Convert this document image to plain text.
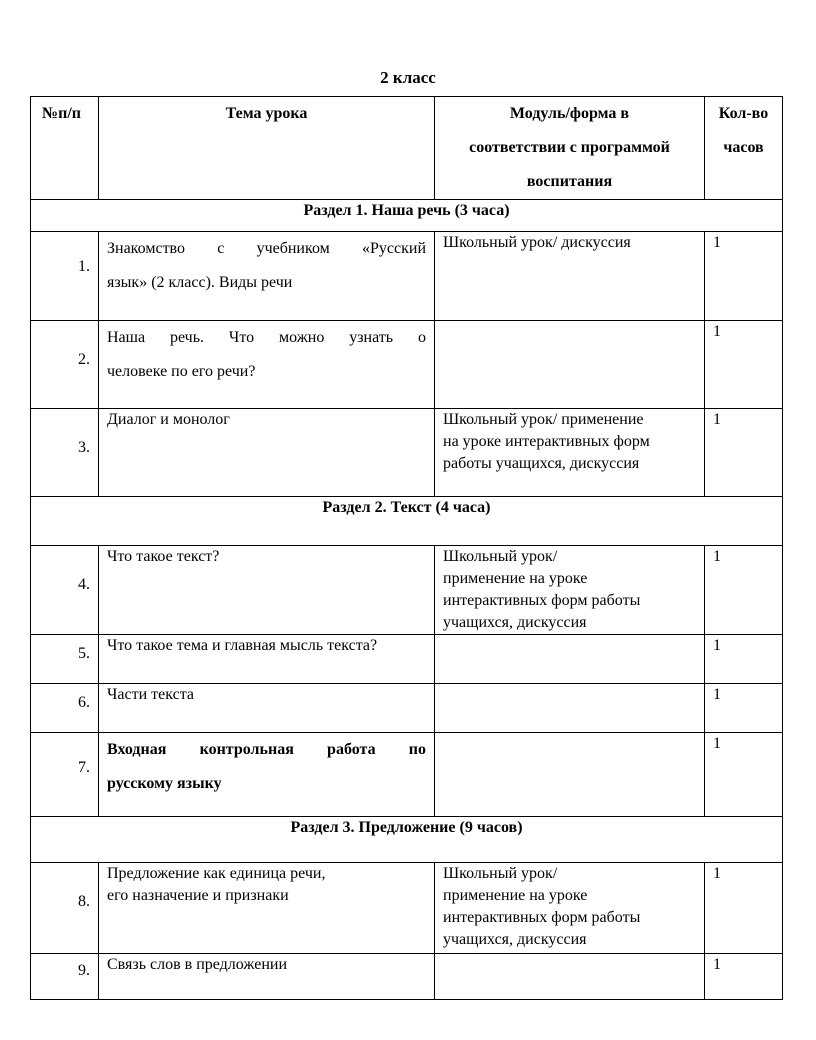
2 класс
№п/п	Тема урока	Модуль/форма в
соответствии с программой
воспитания	Кол-во
часов

Раздел 1. Наша речь (3 часа)			

1.	Знакомство с учебником «Русский
язык» (2 класс). Виды речи	Школьный урок/ дискуссия	1

2.	Наша речь. Что можно узнать о
человеке по его речи?		1

3.	Диалог и монолог	Школьный урок/ применение
на уроке интерактивных форм
работы учащихся, дискуссия	1

Раздел 2. Текст (4 часа)			

4.	Что такое текст?	Школьный урок/
применение на уроке
интерактивных форм работы
учащихся, дискуссия	1

5.	Что такое тема и главная мысль текста?		1

6.	Части текста		1

7.	Входная контрольная работа по
русскому языку		1

Раздел 3. Предложение (9 часов)			

8.	Предложение как единица речи,
его назначение и признаки	Школьный урок/
применение на уроке
интерактивных форм работы
учащихся, дискуссия	1

9.	Связь слов в предложении		1
